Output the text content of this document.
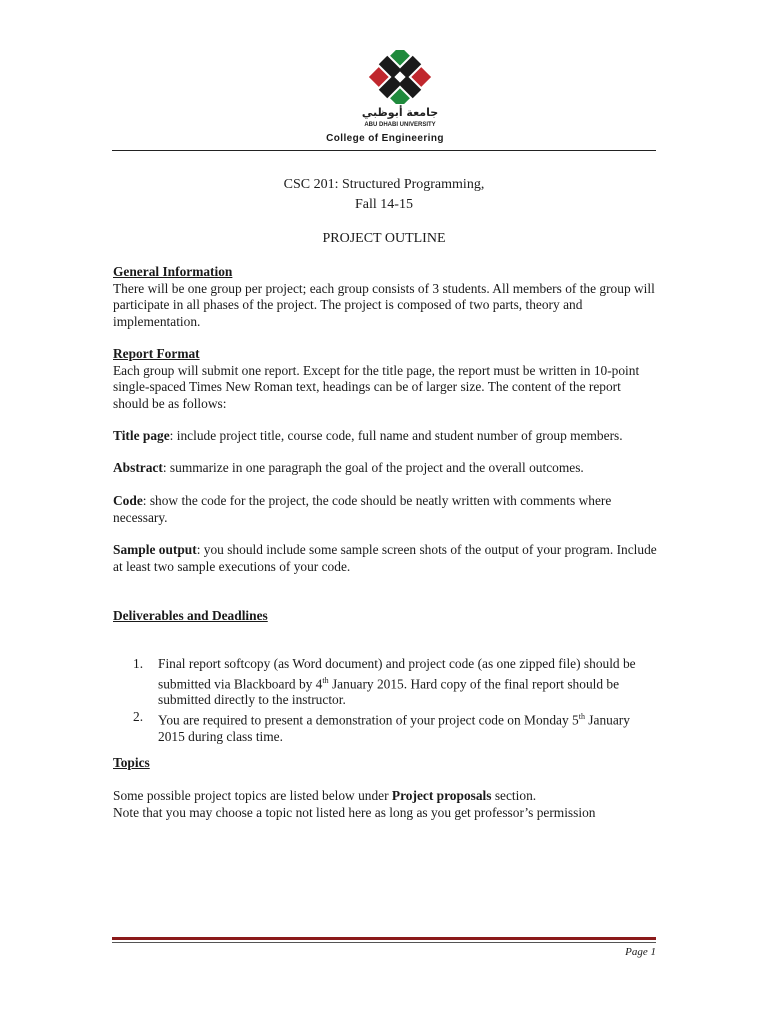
جامعة أبوظبي
ABU DHABI UNIVERSITY
College of Engineering
CSC 201: Structured Programming,
Fall 14-15
PROJECT OUTLINE
General Information
There will be one group per project; each group consists of 3 students. All members of the group will participate in all phases of the project. The project is composed of two parts, theory and implementation.
Report Format
Each group will submit one report. Except for the title page, the report must be written in 10-point single-spaced Times New Roman text, headings can be of larger size. The content of the report should be as follows:
Title page: include project title, course code, full name and student number of group members.
Abstract: summarize in one paragraph the goal of the project and the overall outcomes.
Code: show the code for the project, the code should be neatly written with comments where necessary.
Sample output: you should include some sample screen shots of the output of your program. Include at least two sample executions of your code.
Deliverables and Deadlines
1. Final report softcopy (as Word document) and project code (as one zipped file) should be submitted via Blackboard by 4th January 2015. Hard copy of the final report should be submitted directly to the instructor.
2. You are required to present a demonstration of your project code on Monday 5th January 2015 during class time.
Topics
Some possible project topics are listed below under Project proposals section.
Note that you may choose a topic not listed here as long as you get professor’s permission
Page 1
